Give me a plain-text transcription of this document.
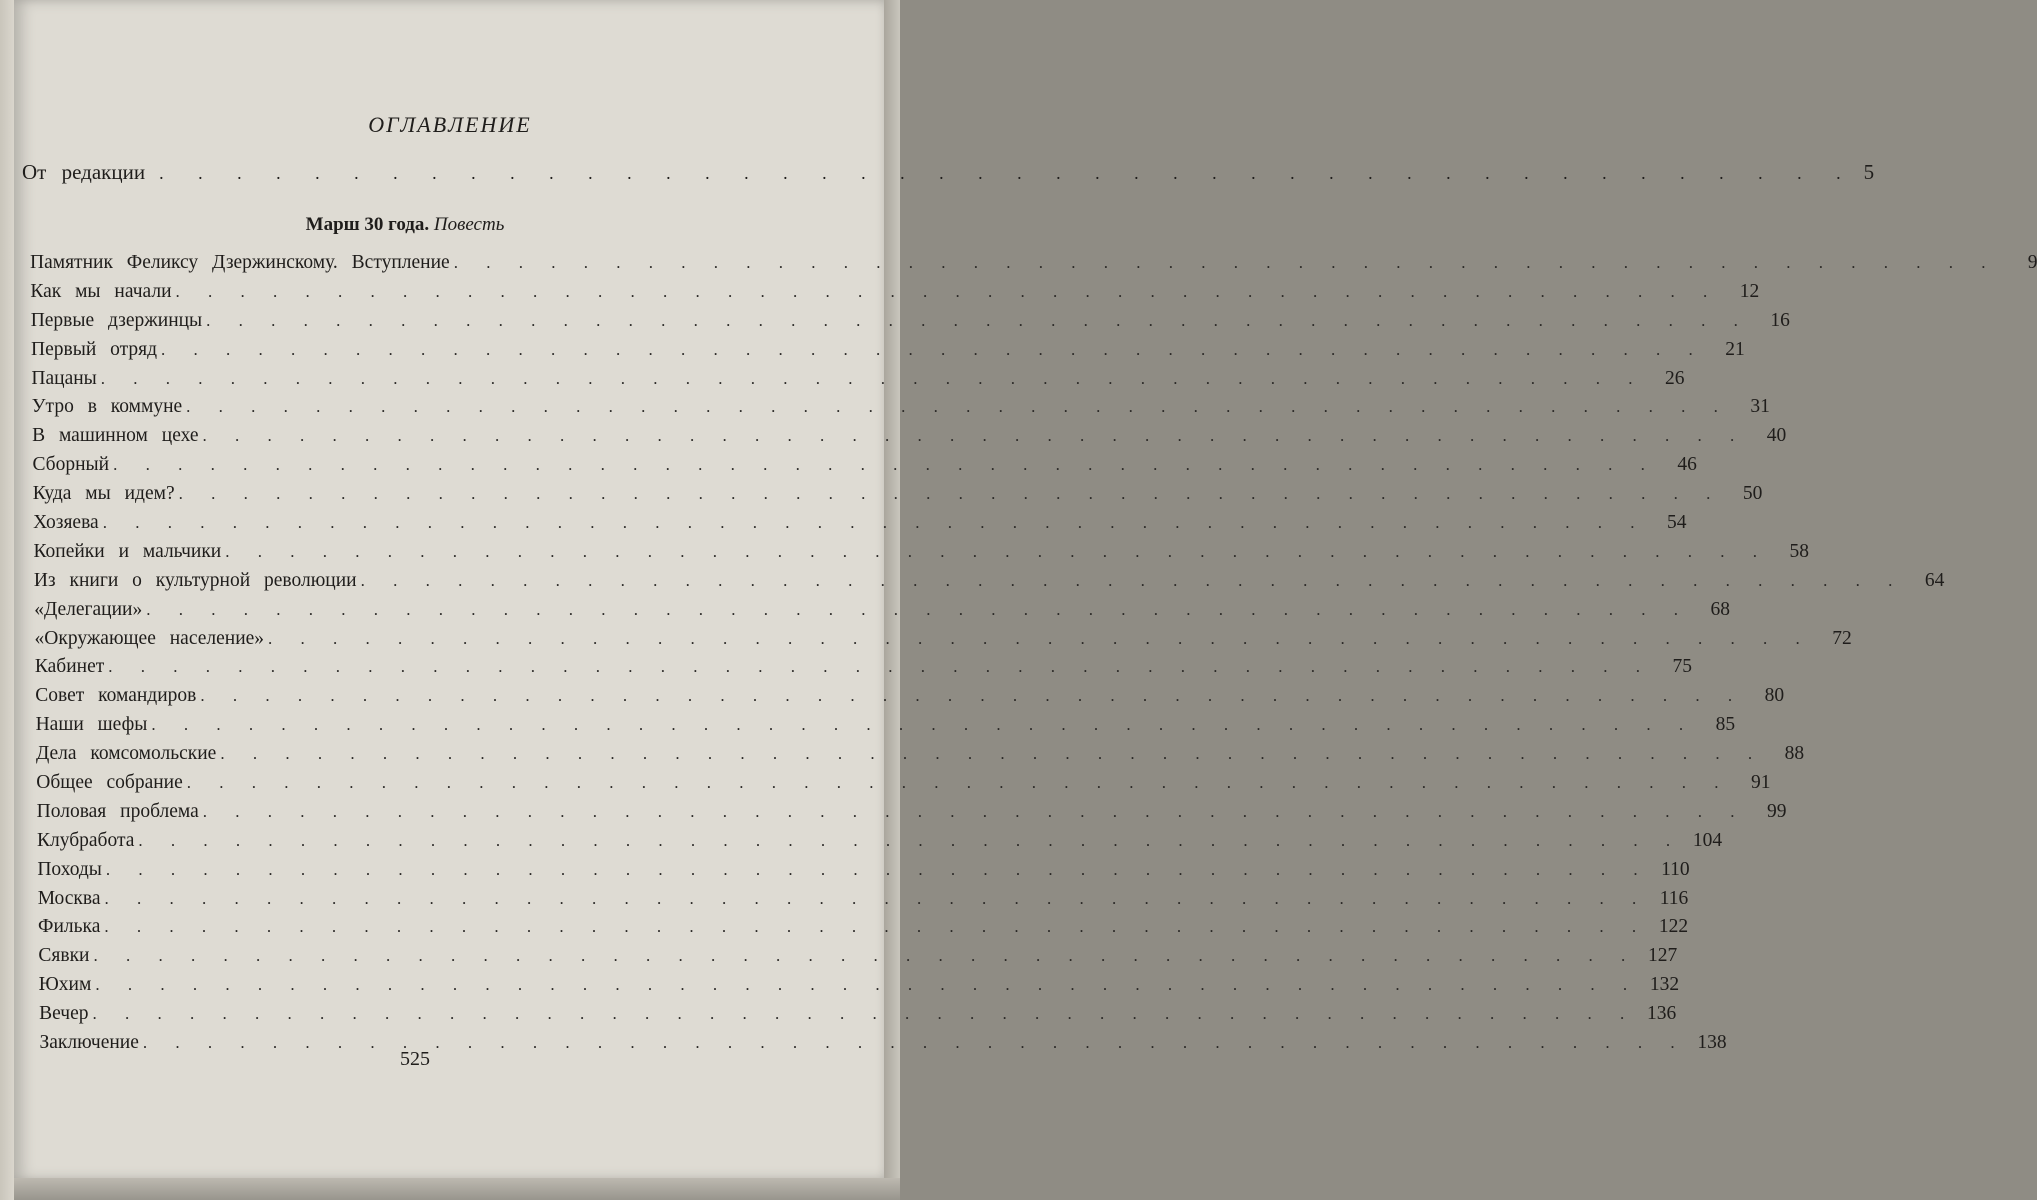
ОГЛАВЛЕНИЕ
От редакции . . . . . . . . . . . . . . . . . . . . . . . . . . . . . . . . . . . . . . . . . . . . 5
Марш 30 года. Повесть
Памятник Феликсу Дзержинскому. Вступление . . . . . . . . . . . . . . . . . . . . . . . . . . . . . . . . . . . . . . . . . . . . . . . .	9
Как мы начали . . . . . . . . . . . . . . . . . . . . . . . . . . . . . . . . . . . . . . . . . . . . . . . .	12
Первые дзержинцы . . . . . . . . . . . . . . . . . . . . . . . . . . . . . . . . . . . . . . . . . . . . . . . .	16
Первый отряд . . . . . . . . . . . . . . . . . . . . . . . . . . . . . . . . . . . . . . . . . . . . . . . .	21
Пацаны . . . . . . . . . . . . . . . . . . . . . . . . . . . . . . . . . . . . . . . . . . . . . . . .	26
Утро в коммуне . . . . . . . . . . . . . . . . . . . . . . . . . . . . . . . . . . . . . . . . . . . . . . . .	31
В машинном цехе . . . . . . . . . . . . . . . . . . . . . . . . . . . . . . . . . . . . . . . . . . . . . . . .	40
Сборный . . . . . . . . . . . . . . . . . . . . . . . . . . . . . . . . . . . . . . . . . . . . . . . .	46
Куда мы идем? . . . . . . . . . . . . . . . . . . . . . . . . . . . . . . . . . . . . . . . . . . . . . . . .	50
Хозяева . . . . . . . . . . . . . . . . . . . . . . . . . . . . . . . . . . . . . . . . . . . . . . . .	54
Копейки и мальчики . . . . . . . . . . . . . . . . . . . . . . . . . . . . . . . . . . . . . . . . . . . . . . . .	58
Из книги о культурной революции . . . . . . . . . . . . . . . . . . . . . . . . . . . . . . . . . . . . . . . . . . . . . . . .	64
«Делегации» . . . . . . . . . . . . . . . . . . . . . . . . . . . . . . . . . . . . . . . . . . . . . . . .	68
«Окружающее население» . . . . . . . . . . . . . . . . . . . . . . . . . . . . . . . . . . . . . . . . . . . . . . . .	72
Кабинет . . . . . . . . . . . . . . . . . . . . . . . . . . . . . . . . . . . . . . . . . . . . . . . .	75
Совет командиров . . . . . . . . . . . . . . . . . . . . . . . . . . . . . . . . . . . . . . . . . . . . . . . .	80
Наши шефы . . . . . . . . . . . . . . . . . . . . . . . . . . . . . . . . . . . . . . . . . . . . . . . .	85
Дела комсомольские . . . . . . . . . . . . . . . . . . . . . . . . . . . . . . . . . . . . . . . . . . . . . . . .	88
Общее собрание . . . . . . . . . . . . . . . . . . . . . . . . . . . . . . . . . . . . . . . . . . . . . . . .	91
Половая проблема . . . . . . . . . . . . . . . . . . . . . . . . . . . . . . . . . . . . . . . . . . . . . . . .	99
Клубработа . . . . . . . . . . . . . . . . . . . . . . . . . . . . . . . . . . . . . . . . . . . . . . . . 104
Походы . . . . . . . . . . . . . . . . . . . . . . . . . . . . . . . . . . . . . . . . . . . . . . . . 110
Москва . . . . . . . . . . . . . . . . . . . . . . . . . . . . . . . . . . . . . . . . . . . . . . . . 116
Филька . . . . . . . . . . . . . . . . . . . . . . . . . . . . . . . . . . . . . . . . . . . . . . . . 122
Сявки . . . . . . . . . . . . . . . . . . . . . . . . . . . . . . . . . . . . . . . . . . . . . . . . 127
Юхим . . . . . . . . . . . . . . . . . . . . . . . . . . . . . . . . . . . . . . . . . . . . . . . . 132
Вечер . . . . . . . . . . . . . . . . . . . . . . . . . . . . . . . . . . . . . . . . . . . . . . . . 136
Заключение . . . . . . . . . . . . . . . . . . . . . . . . . . . . . . . . . . . . . . . . . . . . . . . . 138
525
